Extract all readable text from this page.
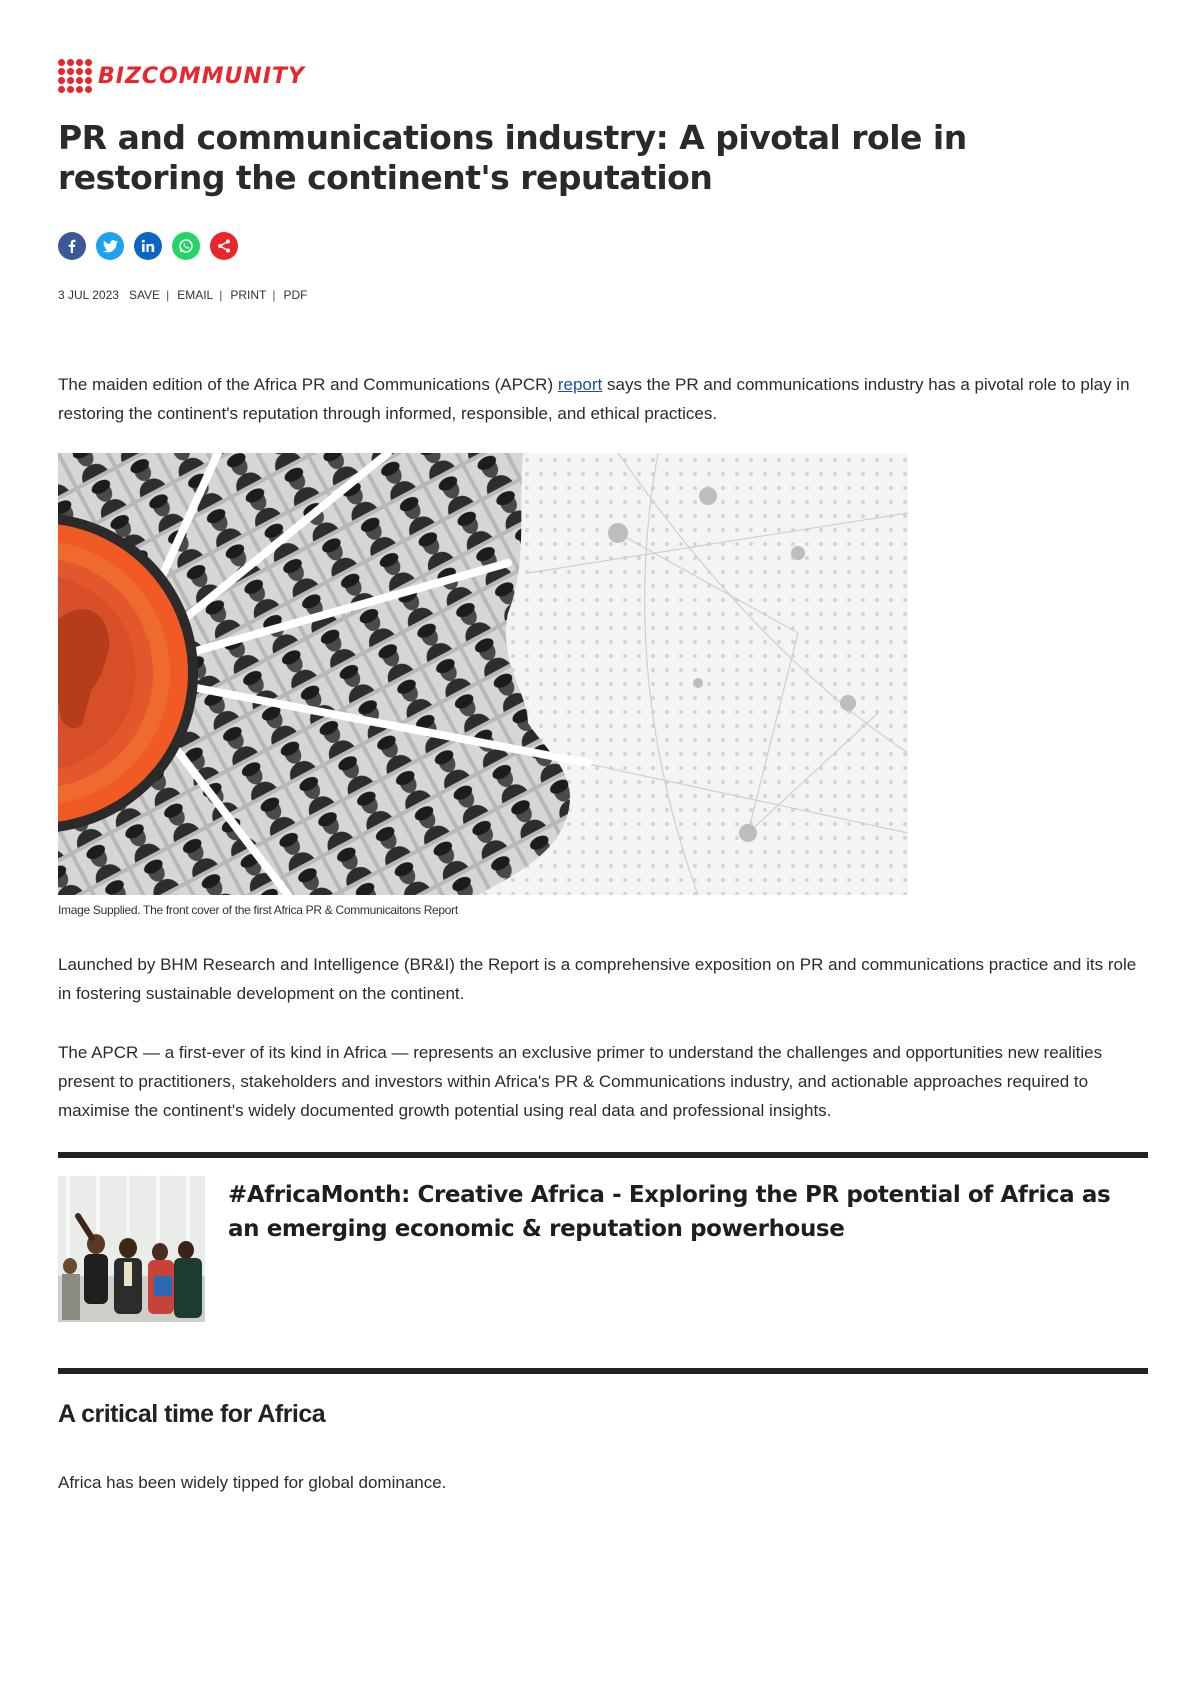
BIZCOMMUNITY
PR and communications industry: A pivotal role in restoring the continent's reputation
3 JUL 2023 SAVE | EMAIL | PRINT | PDF

The maiden edition of the Africa PR and Communications (APCR) report says the PR and communications industry has a pivotal role to play in restoring the continent's reputation through informed, responsible, and ethical practices.

Image Supplied. The front cover of the first Africa PR & Communicaitons Report

Launched by BHM Research and Intelligence (BR&I) the Report is a comprehensive exposition on PR and communications practice and its role in fostering sustainable development on the continent.

The APCR — a first-ever of its kind in Africa — represents an exclusive primer to understand the challenges and opportunities new realities present to practitioners, stakeholders and investors within Africa's PR & Communications industry, and actionable approaches required to maximise the continent's widely documented growth potential using real data and professional insights.

#AfricaMonth: Creative Africa - Exploring the PR potential of Africa as an emerging economic & reputation powerhouse
A critical time for Africa

Africa has been widely tipped for global dominance.
